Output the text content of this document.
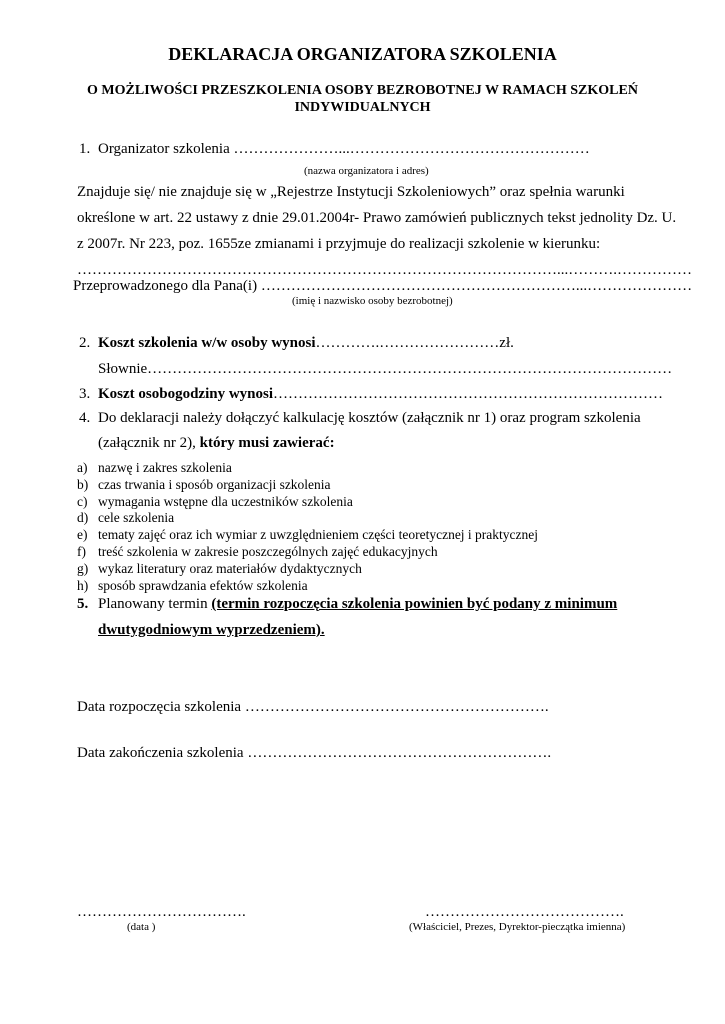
DEKLARACJA ORGANIZATORA SZKOLENIA
O MOŻLIWOŚCI PRZESZKOLENIA OSOBY BEZROBOTNEJ W RAMACH SZKOLEŃ
INDYWIDUALNYCH
1. Organizator szkolenia …………………...…………………………………………
(nazwa organizatora i adres)
Znajduje się/ nie znajduje się w „Rejestrze Instytucji Szkoleniowych” oraz spełnia warunki
określone w art. 22 ustawy z dnie 29.01.2004r- Prawo zamówień publicznych tekst jednolity Dz. U.
z 2007r. Nr 223, poz. 1655ze zmianami i przyjmuje do realizacji szkolenie w kierunku:
……………………………………………………………………………………...……….……………
Przeprowadzonego dla Pana(i) ………………………………………………………...…………………
(imię i nazwisko osoby bezrobotnej)
2. Koszt szkolenia w/w osoby wynosi………….……………………zł.
Słownie……………………………………………………………………………………………
3. Koszt osobogodziny wynosi……………………………………………………………………
4. Do deklaracji należy dołączyć kalkulację kosztów (załącznik nr 1) oraz program szkolenia
(załącznik nr 2), który musi zawierać:
a) nazwę i zakres szkolenia
b) czas trwania i sposób organizacji szkolenia
c) wymagania wstępne dla uczestników szkolenia
d) cele szkolenia
e) tematy zajęć oraz ich wymiar z uwzględnieniem części teoretycznej i praktycznej
f) treść szkolenia w zakresie poszczególnych zajęć edukacyjnych
g) wykaz literatury oraz materiałów dydaktycznych
h) sposób sprawdzania efektów szkolenia
5. Planowany termin (termin rozpoczęcia szkolenia powinien być podany z minimum
dwutygodniowym wyprzedzeniem).
Data rozpoczęcia szkolenia …………………………………………………….
Data zakończenia szkolenia …………………………………………………….
…………………………….
(data )
………………………………….
(Właściciel, Prezes, Dyrektor-pieczątka imienna)
